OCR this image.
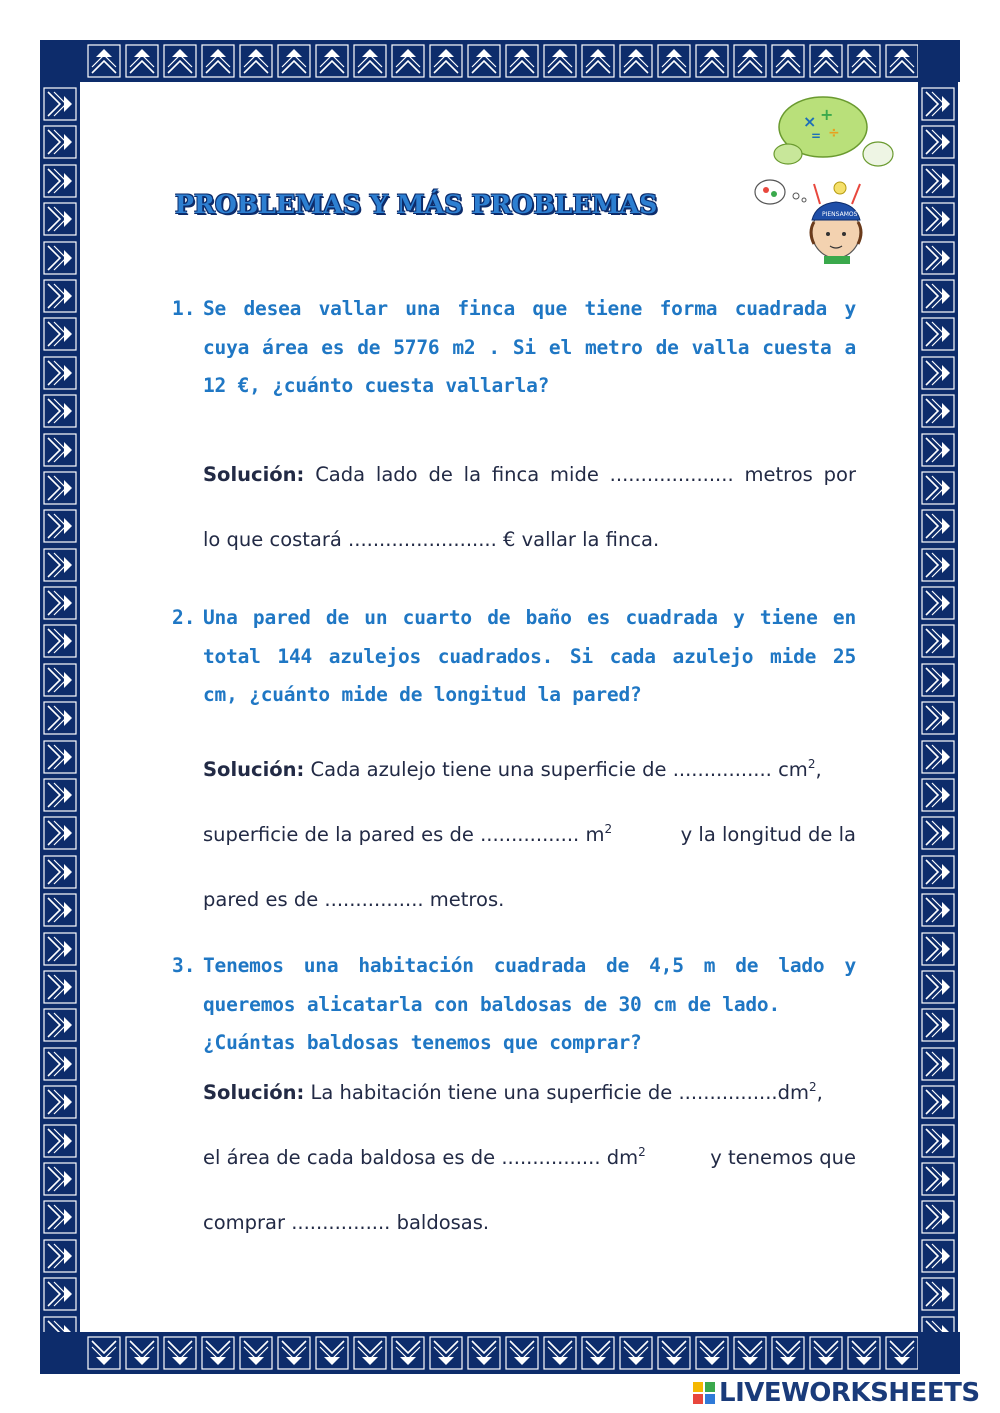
PROBLEMAS Y MÁS PROBLEMAS
× +
÷
=
PIENSAMOS
1. Se desea vallar una finca que tiene forma cuadrada y
cuya área es de 5776 m2 . Si el metro de valla cuesta a
12 €, ¿cuánto cuesta vallarla?
Solución: Cada lado de la finca mide .................... metros por
lo que costará ........................ € vallar la finca.
2. Una pared de un cuarto de baño es cuadrada y tiene en
total 144 azulejos cuadrados. Si cada azulejo mide 25
cm, ¿cuánto mide de longitud la pared?
Solución: Cada azulejo tiene una superficie de ................ $cm^2$,
superficie de la pared es de ................ $m^2$	y la longitud de la
pared es de ................ metros.
3. Tenemos una habitación cuadrada de 4,5 m de lado y
queremos alicatarla con baldosas de 30 cm de lado.
¿Cuántas baldosas tenemos que comprar?
Solución: La habitación tiene una superficie de $................dm^2$,
el área de cada baldosa es de ................ $dm^2$	y tenemos que
comprar ................ baldosas.
LIVEWORKSHEETS
